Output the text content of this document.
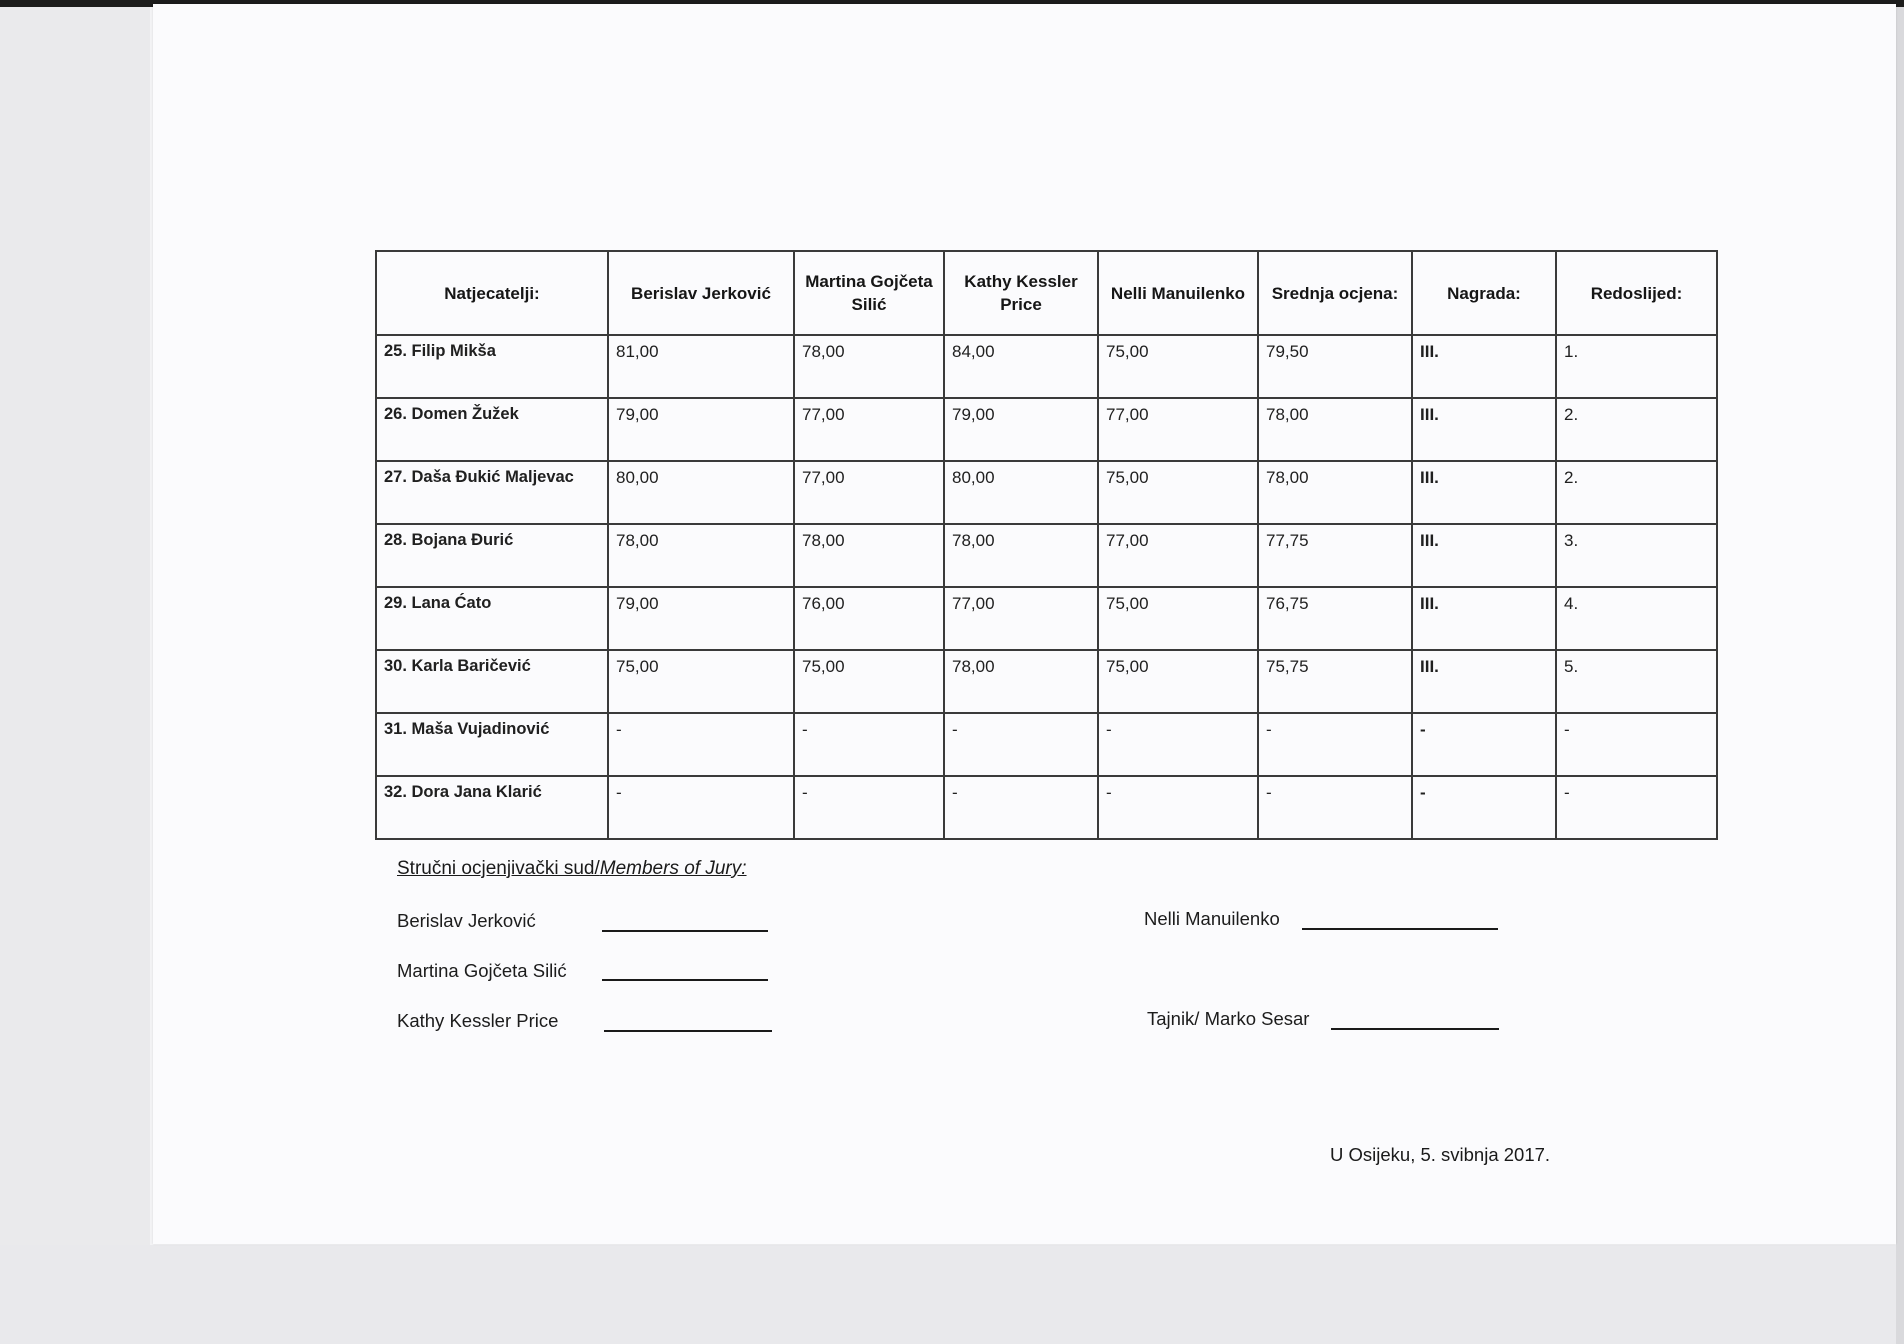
Natjecatelji:	Berislav Jerković	Martina Gojčeta Silić	Kathy Kessler Price	Nelli Manuilenko	Srednja ocjena:	Nagrada:	Redoslijed:
25. Filip Mikša	81,00	78,00	84,00	75,00	79,50	III.	1.
26. Domen Žužek	79,00	77,00	79,00	77,00	78,00	III.	2.
27. Daša Đukić Maljevac	80,00	77,00	80,00	75,00	78,00	III.	2.
28. Bojana Đurić	78,00	78,00	78,00	77,00	77,75	III.	3.
29. Lana Ćato	79,00	76,00	77,00	75,00	76,75	III.	4.
30. Karla Baričević	75,00	75,00	78,00	75,00	75,75	III.	5.
31. Maša Vujadinović	-	-	-	-	-	-	-
32. Dora Jana Klarić	-	-	-	-	-	-	-
Stručni ocjenjivački sud/Members of Jury:
Berislav Jerković
Martina Gojčeta Silić
Kathy Kessler Price
Nelli Manuilenko
Tajnik/ Marko Sesar
U Osijeku, 5. svibnja 2017.
